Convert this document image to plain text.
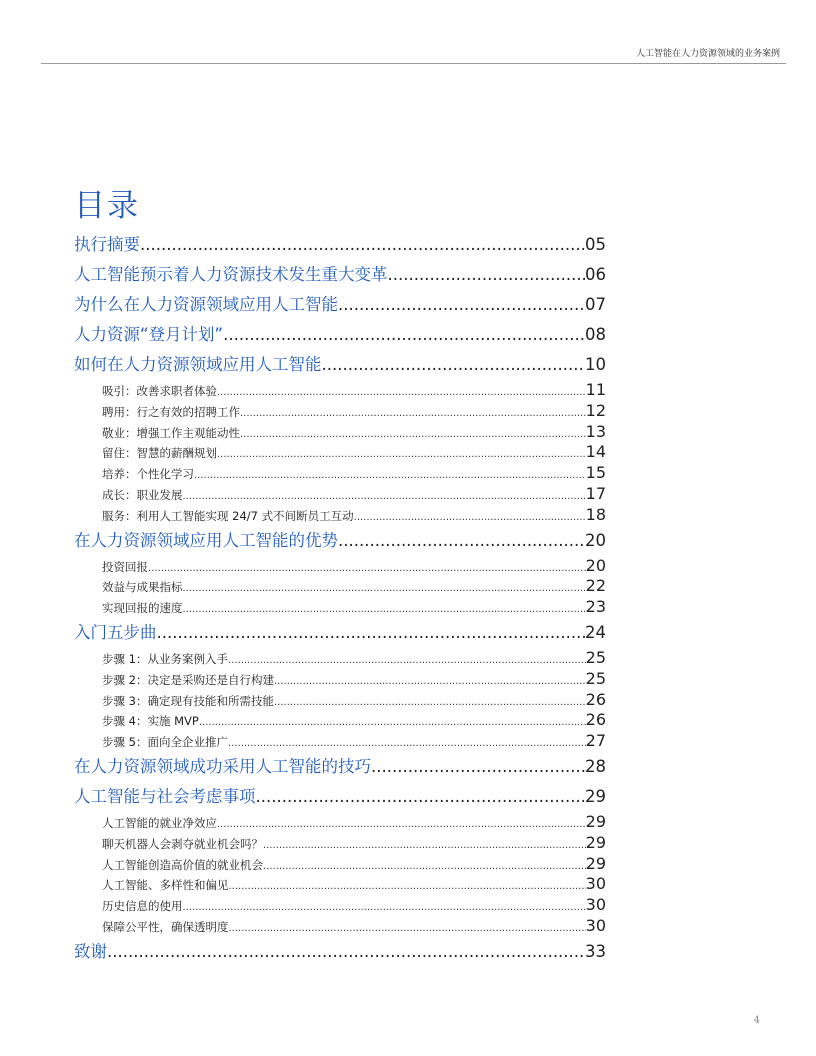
人工智能在人力资源领域的业务案例
目录
执行摘要 .....	05
人工智能预示着人力资源技术发生重大变革 .....	06
为什么在人力资源领域应用人工智能 .....	07
人力资源“登月计划” .....	08
如何在人力资源领域应用人工智能 .....	10
吸引：改善求职者体验 .....	11
聘用：行之有效的招聘工作 .....	12
敬业：增强工作主观能动性 .....	13
留住：智慧的薪酬规划 .....	14
培养：个性化学习 .....	15
成长：职业发展 .....	17
服务：利用人工智能实现 24/7 式不间断员工互动 .....	18
在人力资源领域应用人工智能的优势 .....	20
投资回报 .....	20
效益与成果指标 .....	22
实现回报的速度 .....	23
入门五步曲 .....	24
步骤 1：从业务案例入手 .....	25
步骤 2：决定是采购还是自行构建 .....	25
步骤 3：确定现有技能和所需技能 .....	26
步骤 4：实施 MVP .....	26
步骤 5：面向全企业推广 .....	27
在人力资源领域成功采用人工智能的技巧 .....	28
人工智能与社会考虑事项 .....	29
人工智能的就业净效应 .....	29
聊天机器人会剥夺就业机会吗？ .....	29
人工智能创造高价值的就业机会 .....	29
人工智能、多样性和偏见 .....	30
历史信息的使用 .....	30
保障公平性，确保透明度 .....	30
致谢 .....	33
4
